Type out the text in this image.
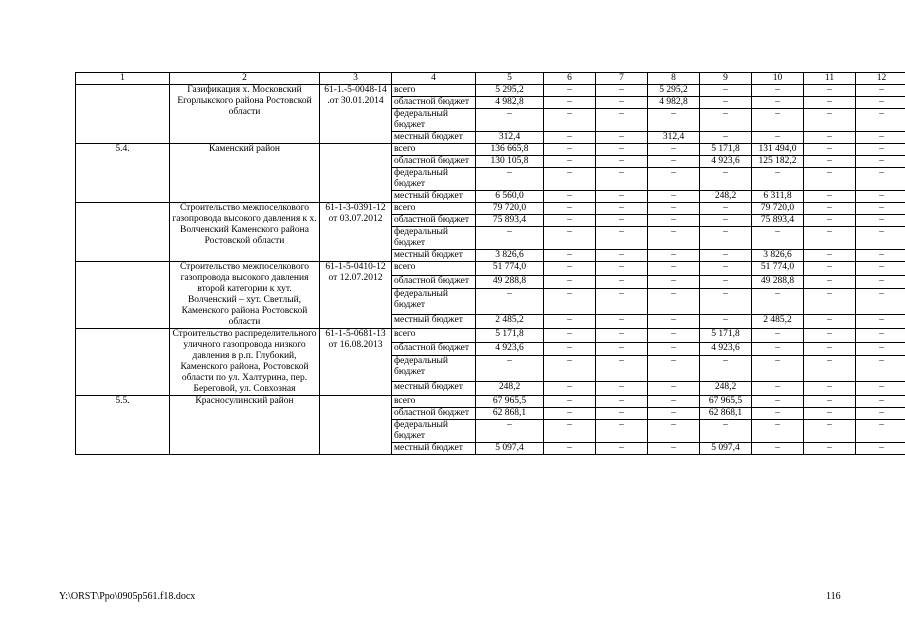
1	2	3	4	5	6	7	8	9	10	11	12
	Газификация х. Московский Егорлыкского района Ростовской области	61-1.-5-0048-14 .от 30.01.2014	всего	5 295,2	–	–	5 295,2	–	–	–	–
			областной бюджет	4 982,8	–	–	4 982,8	–	–	–	–
			федеральный бюджет	–	–	–	–	–	–	–	–
			местный бюджет	312,4	–	–	312,4	–	–	–	–
5.4.	Каменский район		всего	136 665,8	–	–	–	5 171,8	131 494,0	–	–
			областной бюджет	130 105,8	–	–	–	4 923,6	125 182,2	–	–
			федеральный бюджет	–	–	–	–	–	–	–	–
			местный бюджет	6 560,0	–	–	–	248,2	6 311,8	–	–
	Строительство межпоселкового газопровода высокого давления к х. Волченский Каменского района Ростовской области	61-1-3-0391-12 от 03.07.2012	всего	79 720,0	–	–	–	–	79 720,0	–	–
			областной бюджет	75 893,4	–	–	–	–	75 893,4	–	–
			федеральный бюджет	–	–	–	–	–	–	–	–
			местный бюджет	3 826,6	–	–	–	–	3 826,6	–	–
	Строительство межпоселкового газопровода высокого давления второй категории к хут. Волченский – хут. Светлый, Каменского района Ростовской области	61-1-5-0410-12 от 12.07.2012	всего	51 774,0	–	–	–	–	51 774,0	–	–
			областной бюджет	49 288,8	–	–	–	–	49 288,8	–	–
			федеральный бюджет	–	–	–	–	–	–	–	–
			местный бюджет	2 485,2	–	–	–	–	2 485,2	–	–
	Строительство распределительного уличного газопровода низкого давления в р.п. Глубокий, Каменского района, Ростовской области по ул. Халтурина, пер. Береговой, ул. Совхозная	61-1-5-0681-13 от 16.08.2013	всего	5 171,8	–	–	–	5 171,8	–	–	–
			областной бюджет	4 923,6	–	–	–	4 923,6	–	–	–
			федеральный бюджет	–	–	–	–	–	–	–	–
			местный бюджет	248,2	–	–	–	248,2	–	–	–
5.5.	Красносулинский район		всего	67 965,5	–	–	–	67 965,5	–	–	–
			областной бюджет	62 868,1	–	–	–	62 868,1	–	–	–
			федеральный бюджет	–	–	–	–	–	–	–	–
			местный бюджет	5 097,4	–	–	–	5 097,4	–	–	–
Y:\ORST\Ppo\0905p561.f18.docx	116
